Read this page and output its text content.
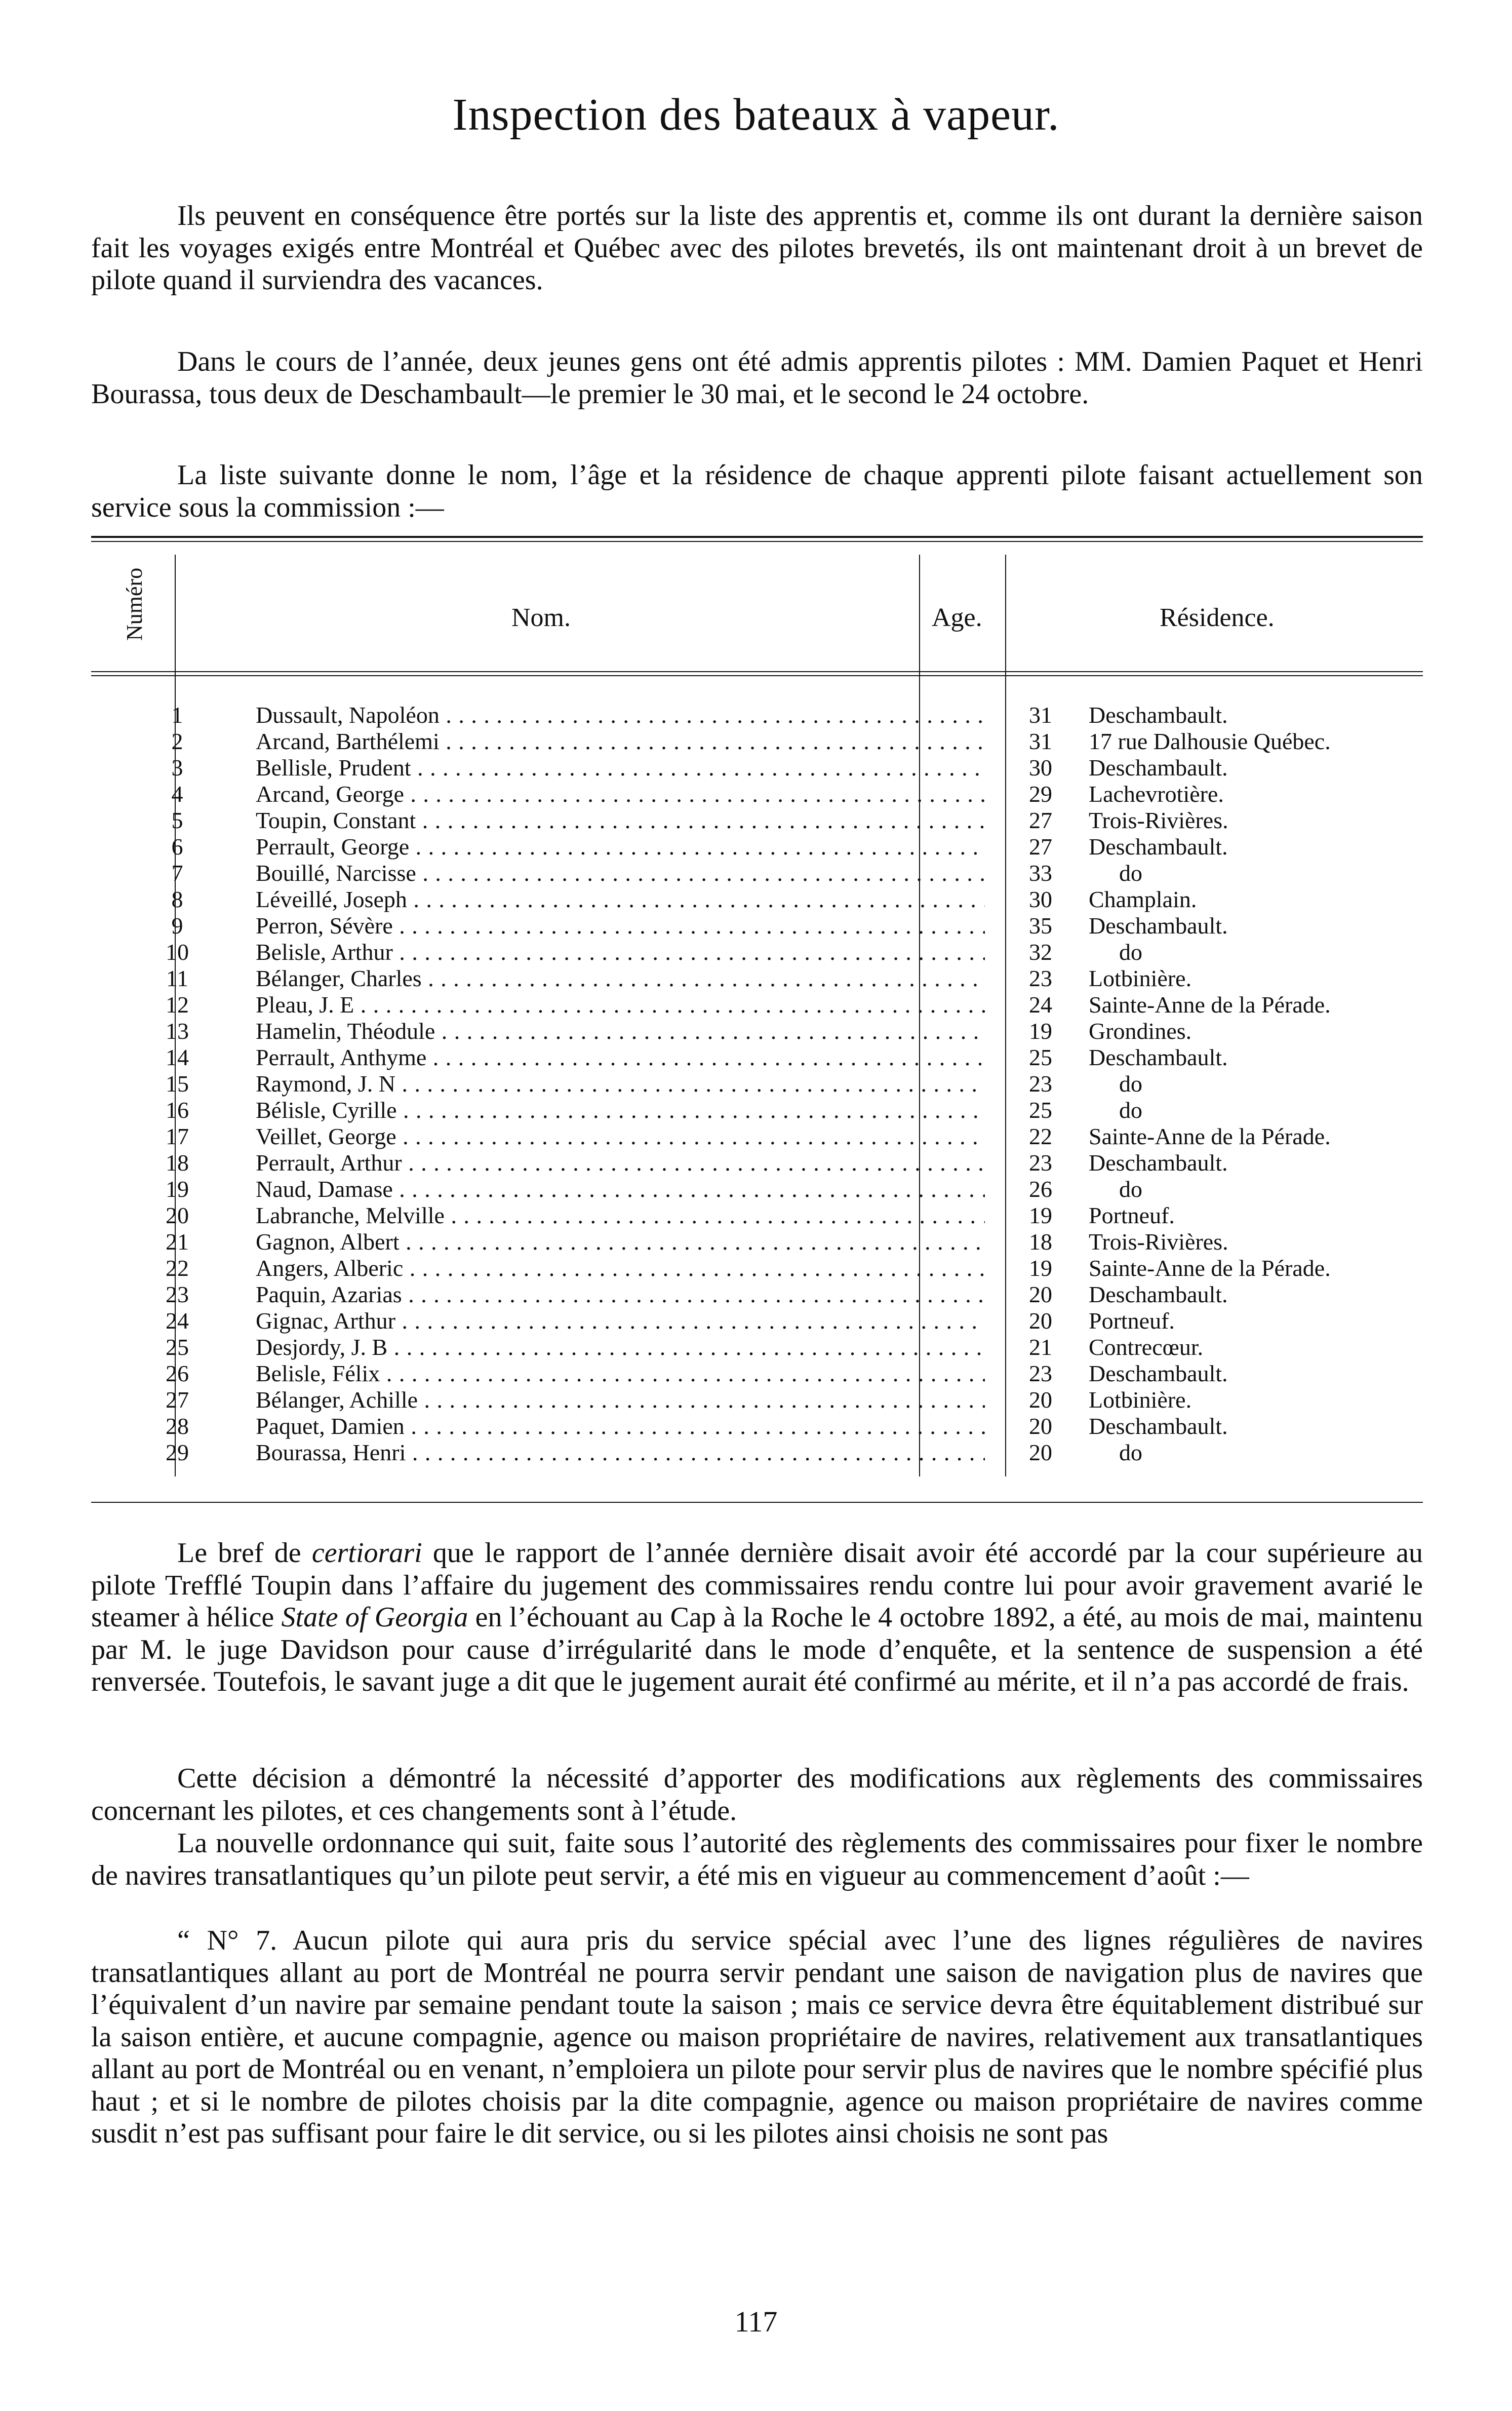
Inspection des bateaux à vapeur.

Ils peuvent en conséquence être portés sur la liste des apprentis et, comme ils ont durant la dernière saison fait les voyages exigés entre Montréal et Québec avec des pilotes brevetés, ils ont maintenant droit à un brevet de pilote quand il surviendra des vacances.

Dans le cours de l’année, deux jeunes gens ont été admis apprentis pilotes : MM. Damien Paquet et Henri Bourassa, tous deux de Deschambault—le premier le 30 mai, et le second le 24 octobre.

La liste suivante donne le nom, l’âge et la résidence de chaque apprenti pilote faisant actuellement son service sous la commission :—

Numéro	Nom.	Age.	Résidence.
1	Dussault, Napoléon . . .	31	Deschambault.
2	Arcand, Barthélemi . . .	31	17 rue Dalhousie Québec.
3	Bellisle, Prudent . . .	30	Deschambault.
4	Arcand, George . . .	29	Lachevrotière.
5	Toupin, Constant . . .	27	Trois-Rivières.
6	Perrault, George . . .	27	Deschambault.
7	Bouillé, Narcisse . . .	33	do
8	Léveillé, Joseph . . .	30	Champlain.
9	Perron, Sévère . . .	35	Deschambault.
10	Belisle, Arthur . . .	32	do
11	Bélanger, Charles . . .	23	Lotbinière.
12	Pleau, J. E . . .	24	Sainte-Anne de la Pérade.
13	Hamelin, Théodule . . .	19	Grondines.
14	Perrault, Anthyme . . .	25	Deschambault.
15	Raymond, J. N . . .	23	do
16	Bélisle, Cyrille . . .	25	do
17	Veillet, George . . .	22	Sainte-Anne de la Pérade.
18	Perrault, Arthur . . .	23	Deschambault.
19	Naud, Damase . . .	26	do
20	Labranche, Melville . . .	19	Portneuf.
21	Gagnon, Albert . . .	18	Trois-Rivières.
22	Angers, Alberic . . .	19	Sainte-Anne de la Pérade.
23	Paquin, Azarias . . .	20	Deschambault.
24	Gignac, Arthur . . .	20	Portneuf.
25	Desjordy, J. B . . .	21	Contrecœur.
26	Belisle, Félix . . .	23	Deschambault.
27	Bélanger, Achille . . .	20	Lotbinière.
28	Paquet, Damien . . .	20	Deschambault.
29	Bourassa, Henri . . .	20	do

Le bref de certiorari que le rapport de l’année dernière disait avoir été accordé par la cour supérieure au pilote Trefflé Toupin dans l’affaire du jugement des commissaires rendu contre lui pour avoir gravement avarié le steamer à hélice State of Georgia en l’échouant au Cap à la Roche le 4 octobre 1892, a été, au mois de mai, maintenu par M. le juge Davidson pour cause d’irrégularité dans le mode d’enquête, et la sentence de suspension a été renversée. Toutefois, le savant juge a dit que le jugement aurait été confirmé au mérite, et il n’a pas accordé de frais.

Cette décision a démontré la nécessité d’apporter des modifications aux règlements des commissaires concernant les pilotes, et ces changements sont à l’étude.

La nouvelle ordonnance qui suit, faite sous l’autorité des règlements des commissaires pour fixer le nombre de navires transatlantiques qu’un pilote peut servir, a été mis en vigueur au commencement d’août :—

“ N° 7. Aucun pilote qui aura pris du service spécial avec l’une des lignes régulières de navires transatlantiques allant au port de Montréal ne pourra servir pendant une saison de navigation plus de navires que l’équivalent d’un navire par semaine pendant toute la saison ; mais ce service devra être équitablement distribué sur la saison entière, et aucune compagnie, agence ou maison propriétaire de navires, relativement aux transatlantiques allant au port de Montréal ou en venant, n’emploiera un pilote pour servir plus de navires que le nombre spécifié plus haut ; et si le nombre de pilotes choisis par la dite compagnie, agence ou maison propriétaire de navires comme susdit n’est pas suffisant pour faire le dit service, ou si les pilotes ainsi choisis ne sont pas

117
